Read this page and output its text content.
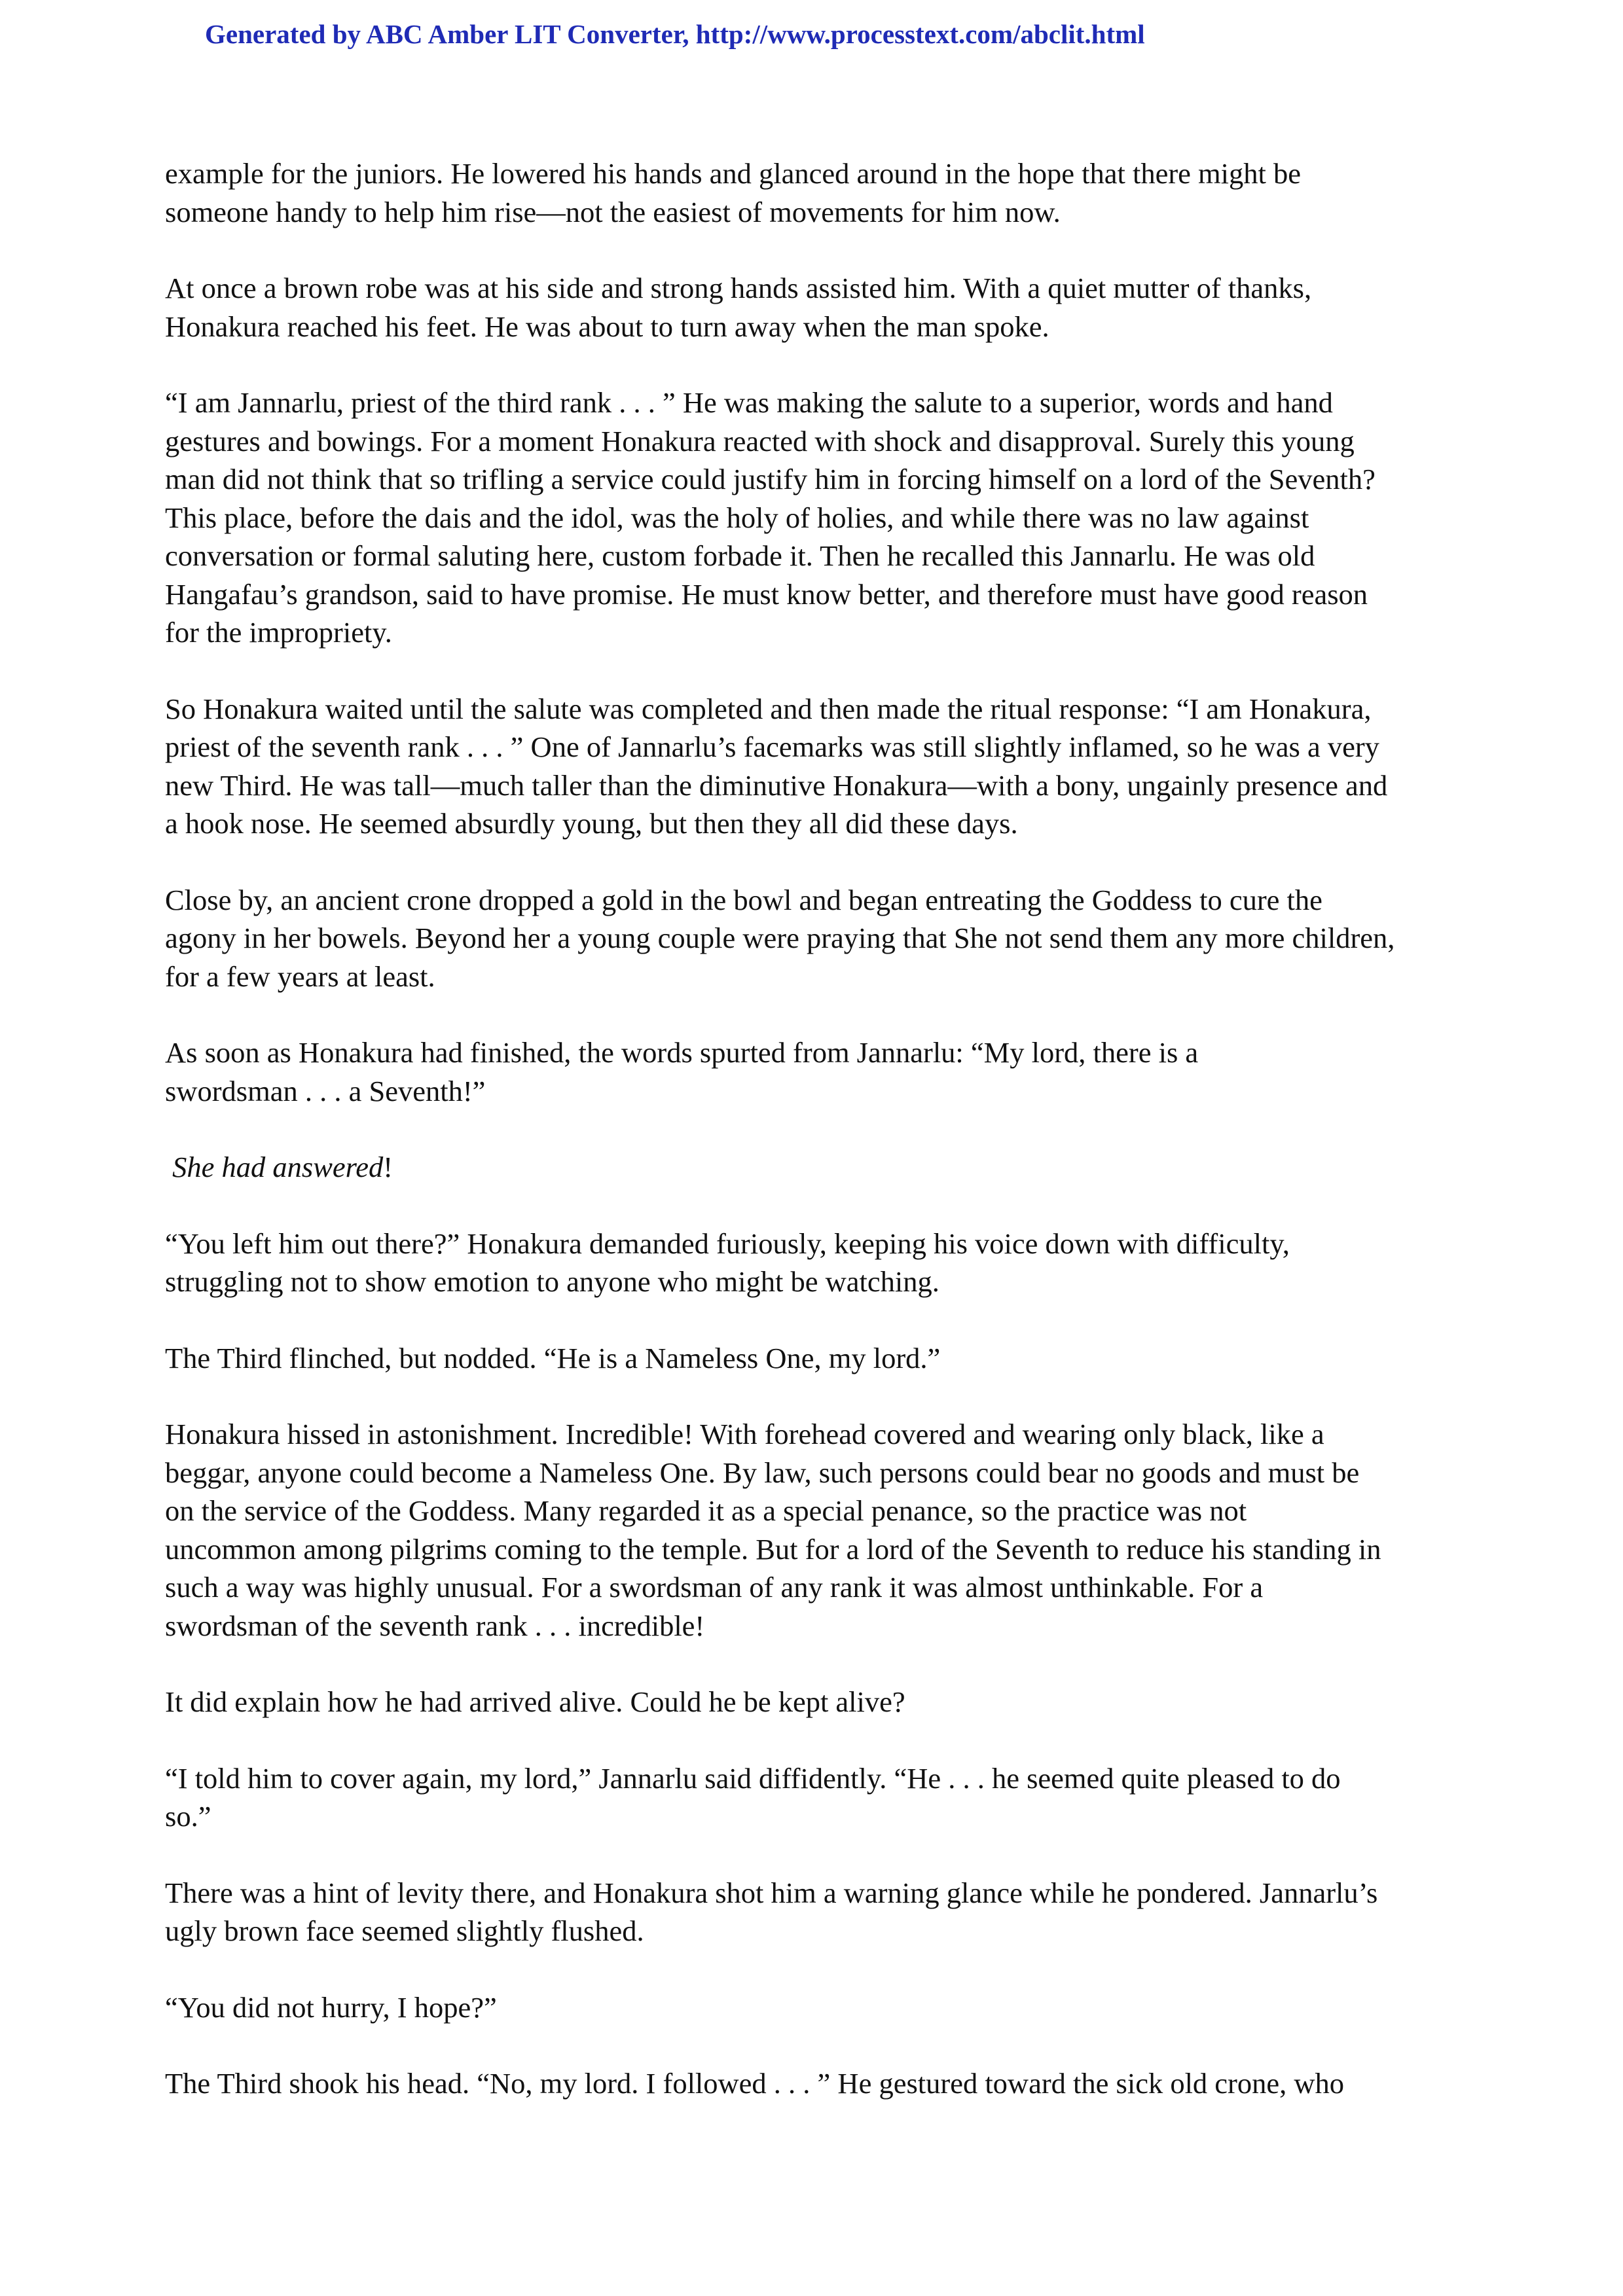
Generated by ABC Amber LIT Converter, http://www.processtext.com/abclit.html

example for the juniors. He lowered his hands and glanced around in the hope that there might be
someone handy to help him rise—not the easiest of movements for him now.

At once a brown robe was at his side and strong hands assisted him. With a quiet mutter of thanks,
Honakura reached his feet. He was about to turn away when the man spoke.

“I am Jannarlu, priest of the third rank . . . ” He was making the salute to a superior, words and hand
gestures and bowings. For a moment Honakura reacted with shock and disapproval. Surely this young
man did not think that so trifling a service could justify him in forcing himself on a lord of the Seventh?
This place, before the dais and the idol, was the holy of holies, and while there was no law against
conversation or formal saluting here, custom forbade it. Then he recalled this Jannarlu. He was old
Hangafau’s grandson, said to have promise. He must know better, and therefore must have good reason
for the impropriety.

So Honakura waited until the salute was completed and then made the ritual response: “I am Honakura,
priest of the seventh rank . . . ” One of Jannarlu’s facemarks was still slightly inflamed, so he was a very
new Third. He was tall—much taller than the diminutive Honakura—with a bony, ungainly presence and
a hook nose. He seemed absurdly young, but then they all did these days.

Close by, an ancient crone dropped a gold in the bowl and began entreating the Goddess to cure the
agony in her bowels. Beyond her a young couple were praying that She not send them any more children,
for a few years at least.

As soon as Honakura had finished, the words spurted from Jannarlu: “My lord, there is a
swordsman . . . a Seventh!”

She had answered!

“You left him out there?” Honakura demanded furiously, keeping his voice down with difficulty,
struggling not to show emotion to anyone who might be watching.

The Third flinched, but nodded. “He is a Nameless One, my lord.”

Honakura hissed in astonishment. Incredible! With forehead covered and wearing only black, like a
beggar, anyone could become a Nameless One. By law, such persons could bear no goods and must be
on the service of the Goddess. Many regarded it as a special penance, so the practice was not
uncommon among pilgrims coming to the temple. But for a lord of the Seventh to reduce his standing in
such a way was highly unusual. For a swordsman of any rank it was almost unthinkable. For a
swordsman of the seventh rank . . . incredible!

It did explain how he had arrived alive. Could he be kept alive?

“I told him to cover again, my lord,” Jannarlu said diffidently. “He . . . he seemed quite pleased to do
so.”

There was a hint of levity there, and Honakura shot him a warning glance while he pondered. Jannarlu’s
ugly brown face seemed slightly flushed.

“You did not hurry, I hope?”

The Third shook his head. “No, my lord. I followed . . . ” He gestured toward the sick old crone, who
